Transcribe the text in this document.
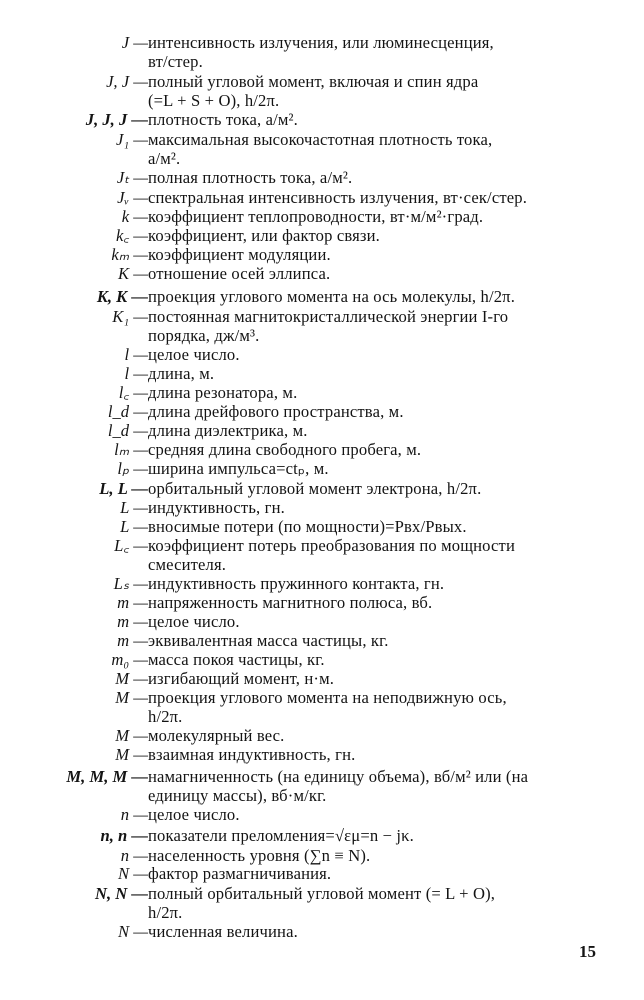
J — интенсивность излучения, или люминесценция,
вт/стер.
J, J — полный угловой момент, включая и спин ядра
(=L + S + O), h/2π.
J, J, J — плотность тока, а/м².
J₁ — максимальная высокочастотная плотность тока,
а/м².
Jₜ — полная плотность тока, а/м².
Jᵥ — спектральная интенсивность излучения, вт·сек/стер.
k — коэффициент теплопроводности, вт·м/м²·град.
k꜀ — коэффициент, или фактор связи.
kₘ — коэффициент модуляции.
K — отношение осей эллипса.
K, K — проекция углового момента на ось молекулы, h/2π.
K₁ — постоянная магнитокристаллической энергии I-го
порядка, дж/м³.
l — целое число.
l — длина, м.
l꜀ — длина резонатора, м.
l_d — длина дрейфового пространства, м.
l_d — длина диэлектрика, м.
lₘ — средняя длина свободного пробега, м.
lₚ — ширина импульса=ctₚ, м.
L, L — орбитальный угловой момент электрона, h/2π.
L — индуктивность, гн.
L — вносимые потери (по мощности)=Pвх/Pвых.
L꜀ — коэффициент потерь преобразования по мощности
смесителя.
Lₛ — индуктивность пружинного контакта, гн.
m — напряженность магнитного полюса, вб.
m — целое число.
m — эквивалентная масса частицы, кг.
m₀ — масса покоя частицы, кг.
M — изгибающий момент, н·м.
M — проекция углового момента на неподвижную ось,
h/2π.
M — молекулярный вес.
M — взаимная индуктивность, гн.
M, M, M — намагниченность (на единицу объема), вб/м² или (на
единицу массы), вб·м/кг.
n — целое число.
n, n — показатели преломления=√εμ=n − jκ.
n — населенность уровня (∑n ≡ N).
N — фактор размагничивания.
N, N — полный орбитальный угловой момент (= L + O),
h/2π.
N — численная величина.
15
